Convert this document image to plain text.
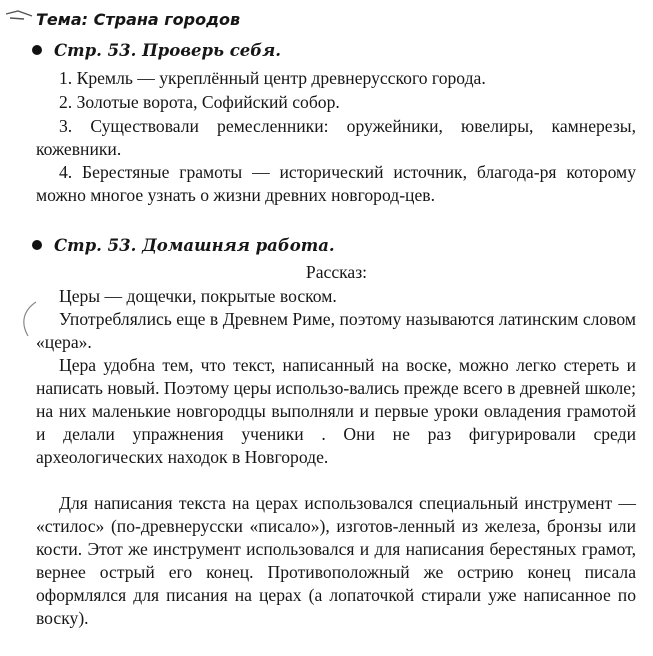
Тема: Страна городов
Стр. 53. Проверь себя.

1. Кремль — укреплённый центр древнерусского города.

2. Золотые ворота, Софийский собор.

3. Существовали ремесленники: оружейники, ювелиры, камнерезы, кожевники.

4. Берестяные грамоты — исторический источник, благода-ря которому можно многое узнать о жизни древних новгород-цев.

Стр. 53. Домашняя работа.

Рассказ:

Церы — дощечки, покрытые воском.

Употреблялись еще в Древнем Риме, поэтому называются латинским словом «цера».

Цера удобна тем, что текст, написанный на воске, можно легко стереть и написать новый. Поэтому церы использо-вались прежде всего в древней школе; на них маленькие новгородцы выполняли и первые уроки овладения грамотой и делали упражнения ученики . Они не раз фигурировали среди археологических находок в Новгороде.

Для написания текста на церах использовался специальный инструмент — «стилос» (по-древнерусски «писало»), изготов-ленный из железа, бронзы или кости. Этот же инструмент использовался и для написания берестяных грамот, вернее острый его конец. Противоположный же острию конец писала оформлялся для писания на церах (а лопаточкой стирали уже написанное по воску).
